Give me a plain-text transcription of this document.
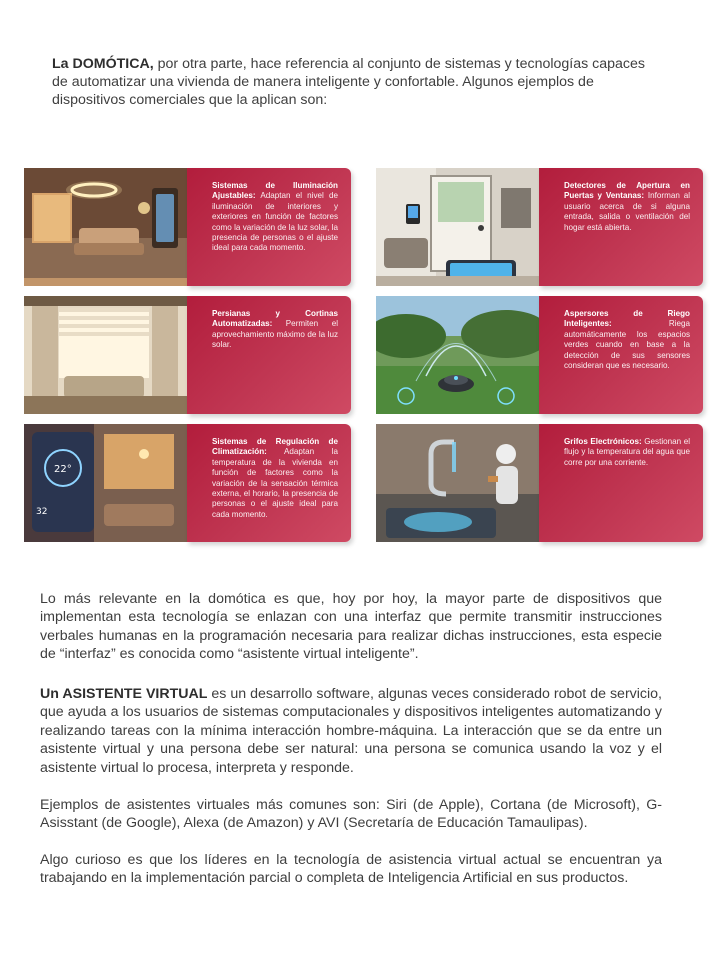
La DOMÓTICA, por otra parte, hace referencia al conjunto de sistemas y tecnologías capaces de automatizar una vivienda de manera inteligente y confortable. Algunos ejemplos de dispositivos comerciales que la aplican son:
Sistemas de Iluminación Ajustables: Adaptan el nivel de iluminación de interiores y exteriores en función de factores como la variación de la luz solar, la presencia de personas o el ajuste ideal para cada momento.
Detectores de Apertura en Puertas y Ventanas: Informan al usuario acerca de si alguna entrada, salida o ventilación del hogar está abierta.
Persianas y Cortinas Automatizadas: Permiten el aprovechamiento máximo de la luz solar.
Aspersores de Riego Inteligentes: Riega automáticamente los espacios verdes cuando en base a la detección de sus sensores consideran que es necesario.
22°
32
Sistemas de Regulación de Climatización: Adaptan la temperatura de la vivienda en función de factores como la variación de la sensación térmica externa, el horario, la presencia de personas o el ajuste ideal para cada momento.
Grifos Electrónicos: Gestionan el flujo y la temperatura del agua que corre por una corriente.
Lo más relevante en la domótica es que, hoy por hoy, la mayor parte de dispositivos que implementan esta tecnología se enlazan con una interfaz que permite transmitir instrucciones verbales humanas en la programación necesaria para realizar dichas instrucciones, esta especie de “interfaz” es conocida como “asistente virtual inteligente”.
Un ASISTENTE VIRTUAL es un desarrollo software, algunas veces considerado robot de servicio, que ayuda a los usuarios de sistemas computacionales y dispositivos inteligentes automatizando y realizando tareas con la mínima interacción hombre-máquina. La interacción que se da entre un asistente virtual y una persona debe ser natural: una persona se comunica usando la voz y el asistente virtual lo procesa, interpreta y responde.
Ejemplos de asistentes virtuales más comunes son: Siri (de Apple), Cortana (de Microsoft), G-Asisstant (de Google), Alexa (de Amazon) y AVI (Secretaría de Educación Tamaulipas).
Algo curioso es que los líderes en la tecnología de asistencia virtual actual se encuentran ya trabajando en la implementación parcial o completa de Inteligencia Artificial en sus productos.
